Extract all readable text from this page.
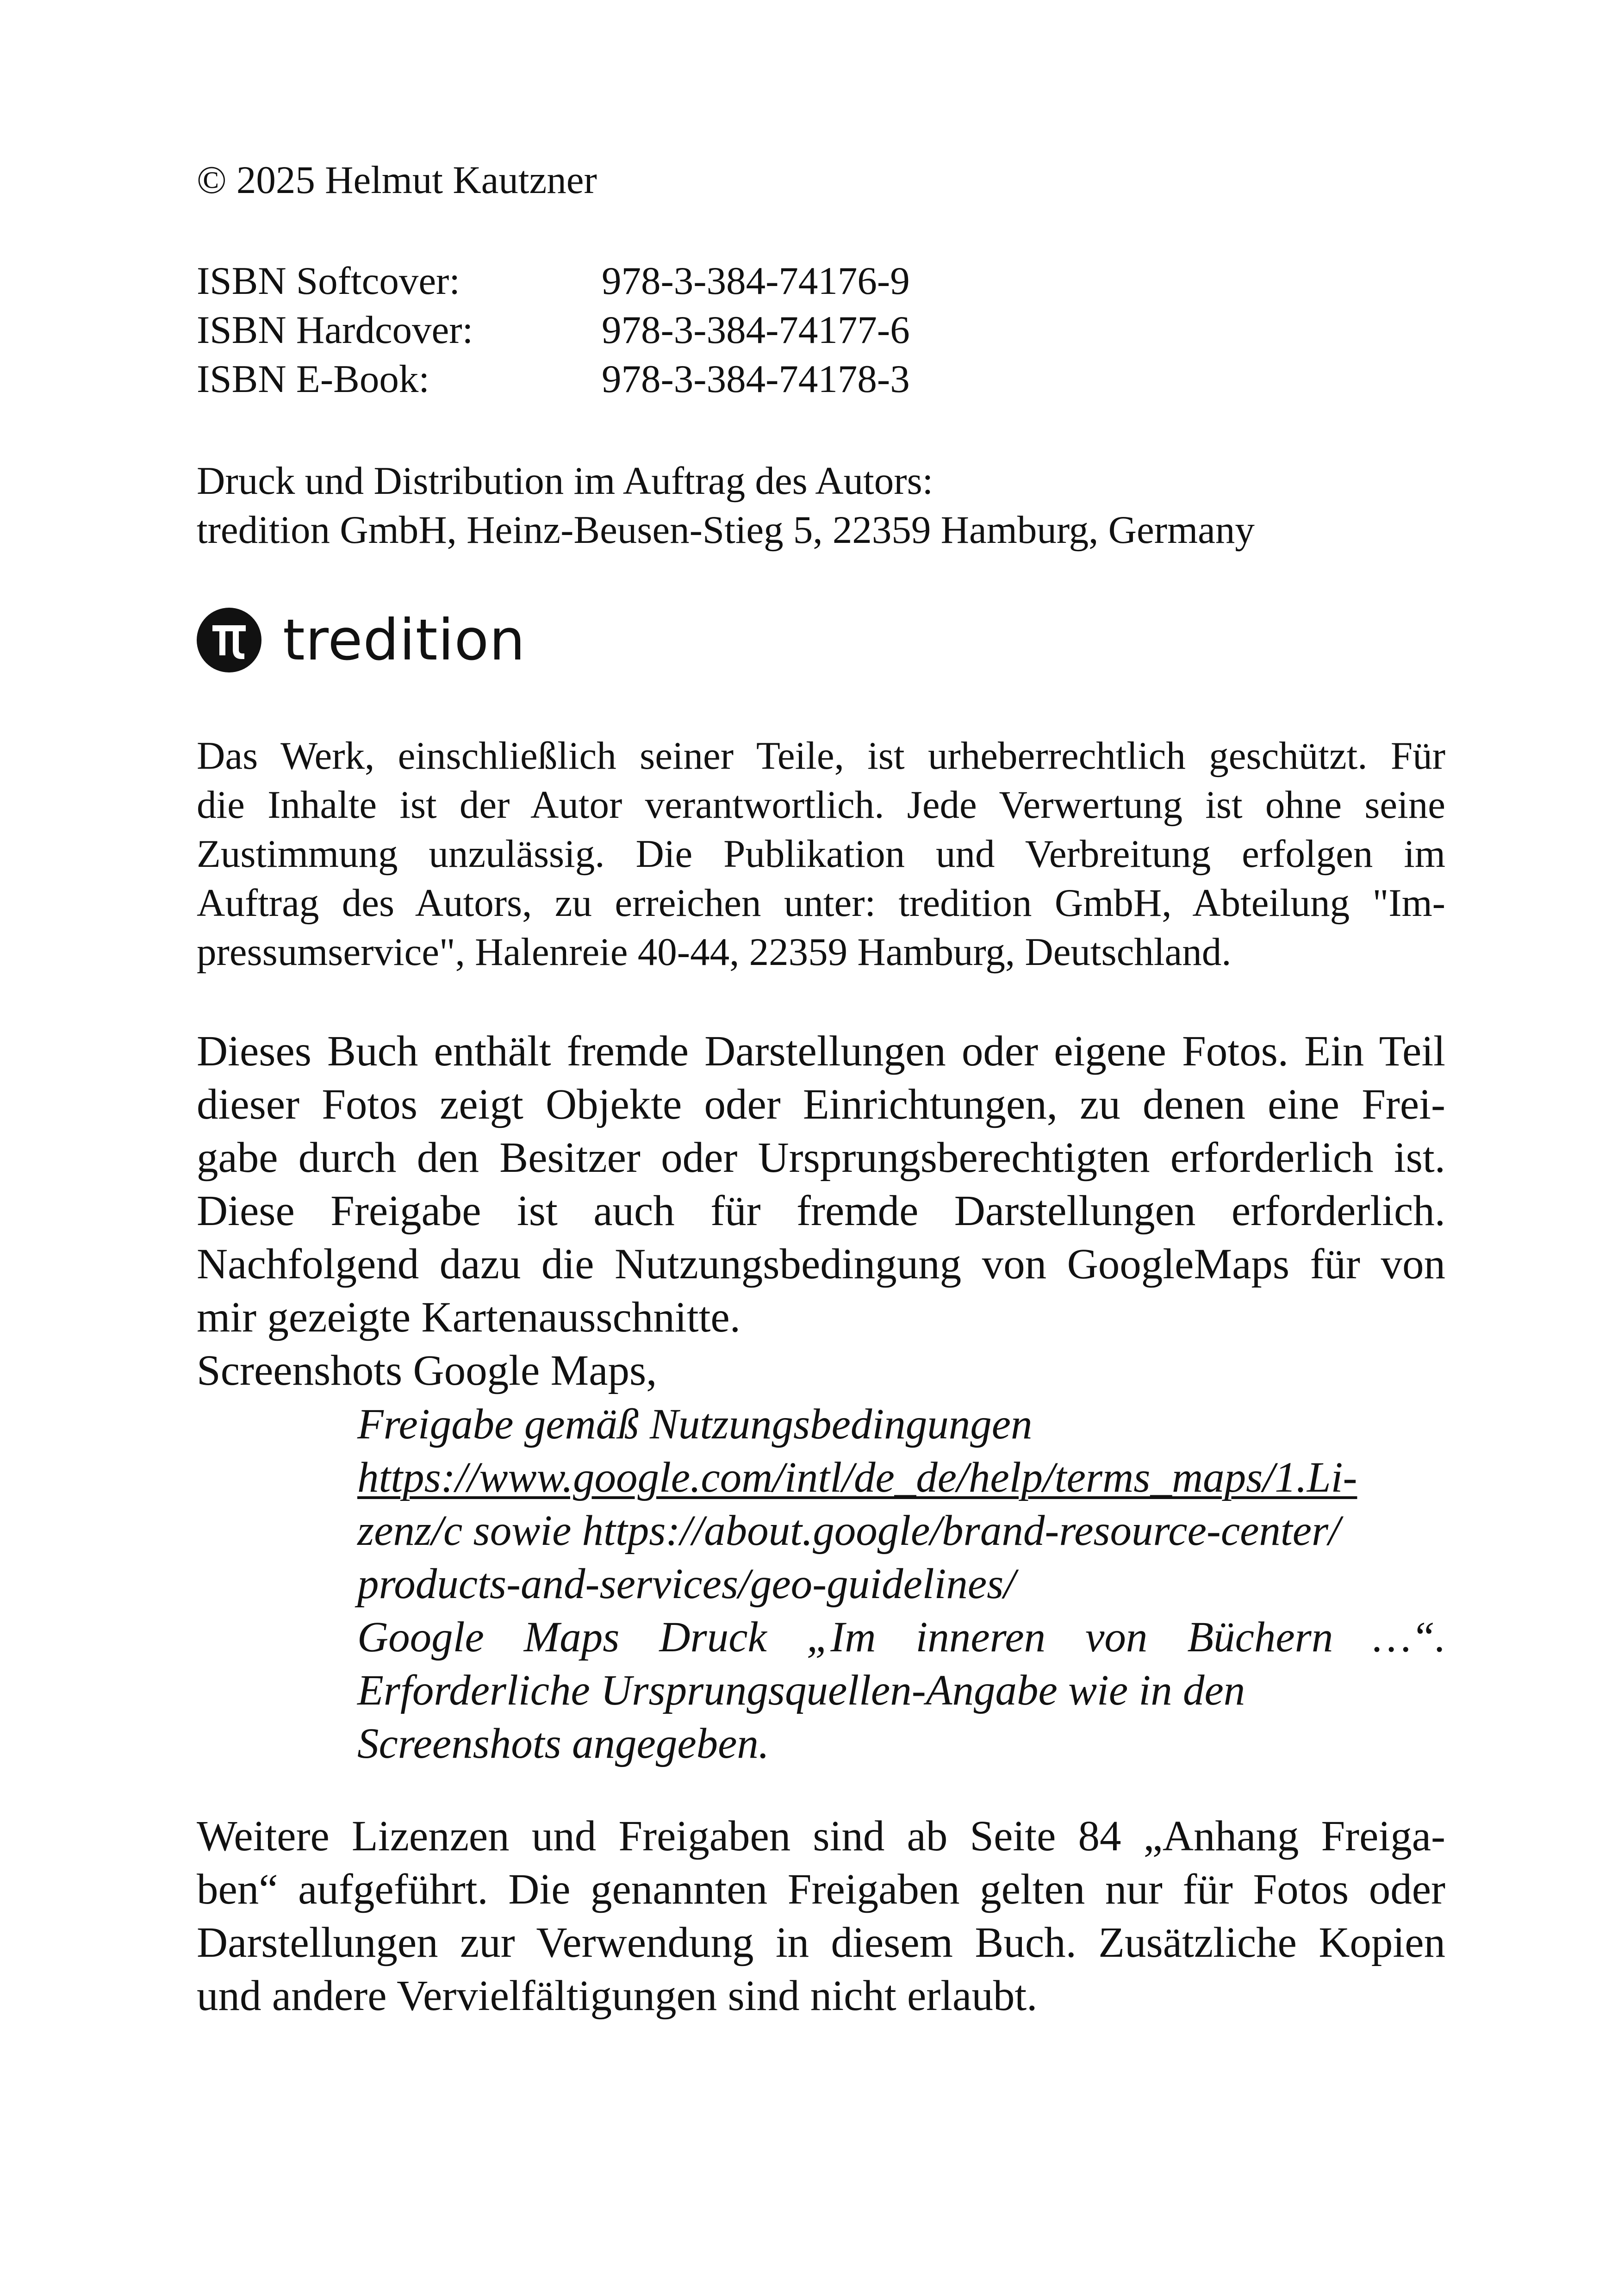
© 2025 Helmut Kautzner
ISBN Softcover:	978-3-384-74176-9
ISBN Hardcover:	978-3-384-74177-6
ISBN E-Book:	978-3-384-74178-3
Druck und Distribution im Auftrag des Autors:
tredition GmbH, Heinz-Beusen-Stieg 5, 22359 Hamburg, Germany
tredition
Das Werk, einschließlich seiner Teile, ist urheberrechtlich geschützt. Für
die Inhalte ist der Autor verantwortlich. Jede Verwertung ist ohne seine
Zustimmung unzulässig. Die Publikation und Verbreitung erfolgen im
Auftrag des Autors, zu erreichen unter: tredition GmbH, Abteilung "Im-
pressumservice", Halenreie 40-44, 22359 Hamburg, Deutschland.
Dieses Buch enthält fremde Darstellungen oder eigene Fotos. Ein Teil
dieser Fotos zeigt Objekte oder Einrichtungen, zu denen eine Frei-
gabe durch den Besitzer oder Ursprungsberechtigten erforderlich ist.
Diese Freigabe ist auch für fremde Darstellungen erforderlich.
Nachfolgend dazu die Nutzungsbedingung von GoogleMaps für von
mir gezeigte Kartenausschnitte.
Screenshots Google Maps,
Freigabe gemäß Nutzungsbedingungen
https://www.google.com/intl/de_de/help/terms_maps/1.Li-
zenz/c sowie https://about.google/brand-resource-center/
products-and-services/geo-guidelines/
Google Maps Druck „Im inneren von Büchern …“.
Erforderliche Ursprungsquellen-Angabe wie in den
Screenshots angegeben.
Weitere Lizenzen und Freigaben sind ab Seite 84 „Anhang Freiga-
ben“ aufgeführt. Die genannten Freigaben gelten nur für Fotos oder
Darstellungen zur Verwendung in diesem Buch. Zusätzliche Kopien
und andere Vervielfältigungen sind nicht erlaubt.
